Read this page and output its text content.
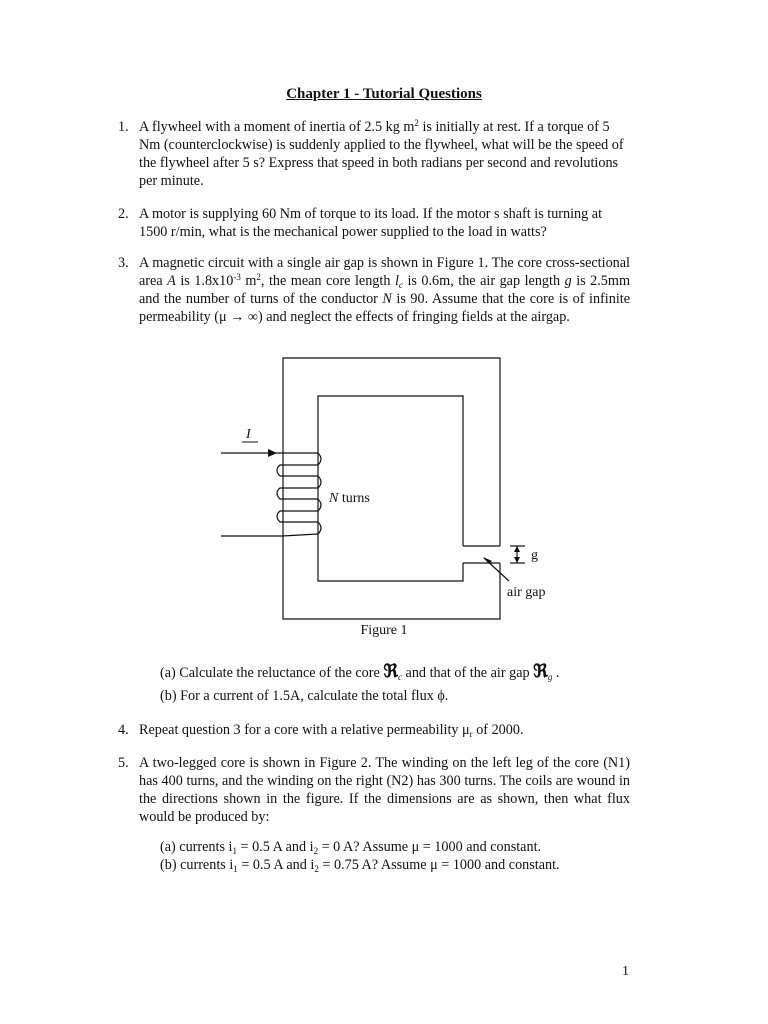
Chapter 1 - Tutorial Questions
1. A flywheel with a moment of inertia of 2.5 kg $m^2$ is initially at rest. If a torque of 5 Nm (counterclockwise) is suddenly applied to the flywheel, what will be the speed of the flywheel after 5 s? Express that speed in both radians per second and revolutions per minute.
2. A motor is supplying 60 Nm of torque to its load. If the motor s shaft is turning at 1500 r/min, what is the mechanical power supplied to the load in watts?
3. A magnetic circuit with a single air gap is shown in Figure 1. The core cross-sectional area A is $1.8x10^{-3}$ $m^2$, the mean core length $l_c$ is 0.6m, the air gap length g is 2.5mm and the number of turns of the conductor N is 90. Assume that the core is of infinite permeability (μ → ∞) and neglect the effects of fringing fields at the airgap.
I
N turns
g
air gap
Figure 1
(a) Calculate the reluctance of the core ℜ$_c$ and that of the air gap ℜ$_g$ .
(b) For a current of 1.5A, calculate the total flux ϕ.
4. Repeat question 3 for a core with a relative permeability $\mu_r$ of 2000.
5. A two-legged core is shown in Figure 2. The winding on the left leg of the core (N1) has 400 turns, and the winding on the right (N2) has 300 turns. The coils are wound in the directions shown in the figure. If the dimensions are as shown, then what flux would be produced by:
(a) currents $i_1 = 0.5$ A and $i_2 = 0$ A? Assume μ = 1000 and constant.
(b) currents $i_1 = 0.5$ A and $i_2 = 0.75$ A? Assume μ = 1000 and constant.
1
